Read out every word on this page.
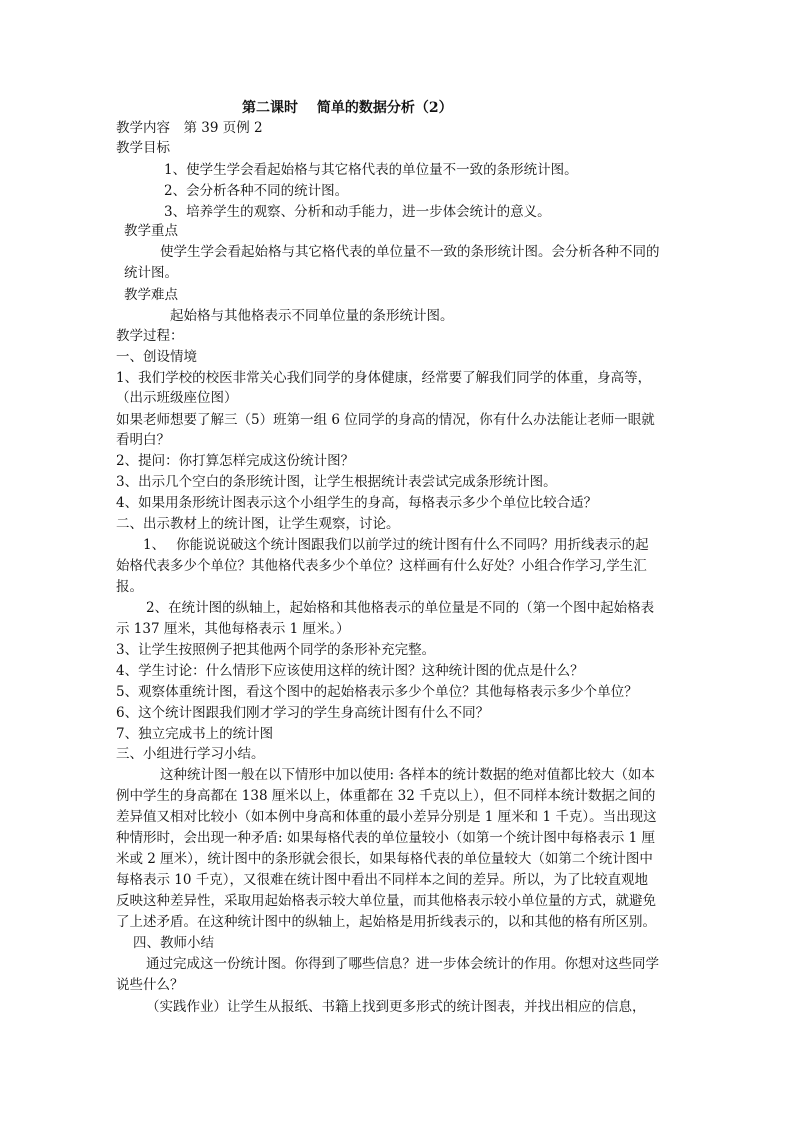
第二课时　 简单的数据分析（2）
教学内容　第 39 页例 2
教学目标
1、使学生学会看起始格与其它格代表的单位量不一致的条形统计图。
2、会分析各种不同的统计图。
3、培养学生的观察、分析和动手能力，进一步体会统计的意义。
教学重点
使学生学会看起始格与其它格代表的单位量不一致的条形统计图。会分析各种不同的
统计图。
教学难点
起始格与其他格表示不同单位量的条形统计图。
教学过程：
一、创设情境
1、我们学校的校医非常关心我们同学的身体健康，经常要了解我们同学的体重，身高等，
（出示班级座位图）
如果老师想要了解三（5）班第一组 6 位同学的身高的情况，你有什么办法能让老师一眼就
看明白？
2、提问：你打算怎样完成这份统计图？
3、出示几个空白的条形统计图，让学生根据统计表尝试完成条形统计图。
4、如果用条形统计图表示这个小组学生的身高，每格表示多少个单位比较合适？
二、出示教材上的统计图，让学生观察，讨论。
1、　 你能说说破这个统计图跟我们以前学过的统计图有什么不同吗？用折线表示的起
始格代表多少个单位？其他格代表多少个单位？这样画有什么好处？小组合作学习,学生汇
报。
2、在统计图的纵轴上，起始格和其他格表示的单位量是不同的（第一个图中起始格表
示 137 厘米，其他每格表示 1 厘米。）
3、让学生按照例子把其他两个同学的条形补充完整。
4、学生讨论：什么情形下应该使用这样的统计图？这种统计图的优点是什么？
5、观察体重统计图，看这个图中的起始格表示多少个单位？其他每格表示多少个单位？
6、这个统计图跟我们刚才学习的学生身高统计图有什么不同？
7、独立完成书上的统计图
三、小组进行学习小结。
这种统计图一般在以下情形中加以使用: 各样本的统计数据的绝对值都比较大（如本
例中学生的身高都在 138 厘米以上，体重都在 32 千克以上），但不同样本统计数据之间的
差异值又相对比较小（如本例中身高和体重的最小差异分别是 1 厘米和 1 千克）。当出现这
种情形时，会出现一种矛盾: 如果每格代表的单位量较小（如第一个统计图中每格表示 1 厘
米或 2 厘米），统计图中的条形就会很长，如果每格代表的单位量较大（如第二个统计图中
每格表示 10 千克），又很难在统计图中看出不同样本之间的差异。所以，为了比较直观地
反映这种差异性，采取用起始格表示较大单位量，而其他格表示较小单位量的方式，就避免
了上述矛盾。在这种统计图中的纵轴上，起始格是用折线表示的，以和其他的格有所区别。
四、教师小结
通过完成这一份统计图。你得到了哪些信息？进一步体会统计的作用。你想对这些同学
说些什么？
（实践作业）让学生从报纸、书籍上找到更多形式的统计图表，并找出相应的信息，
